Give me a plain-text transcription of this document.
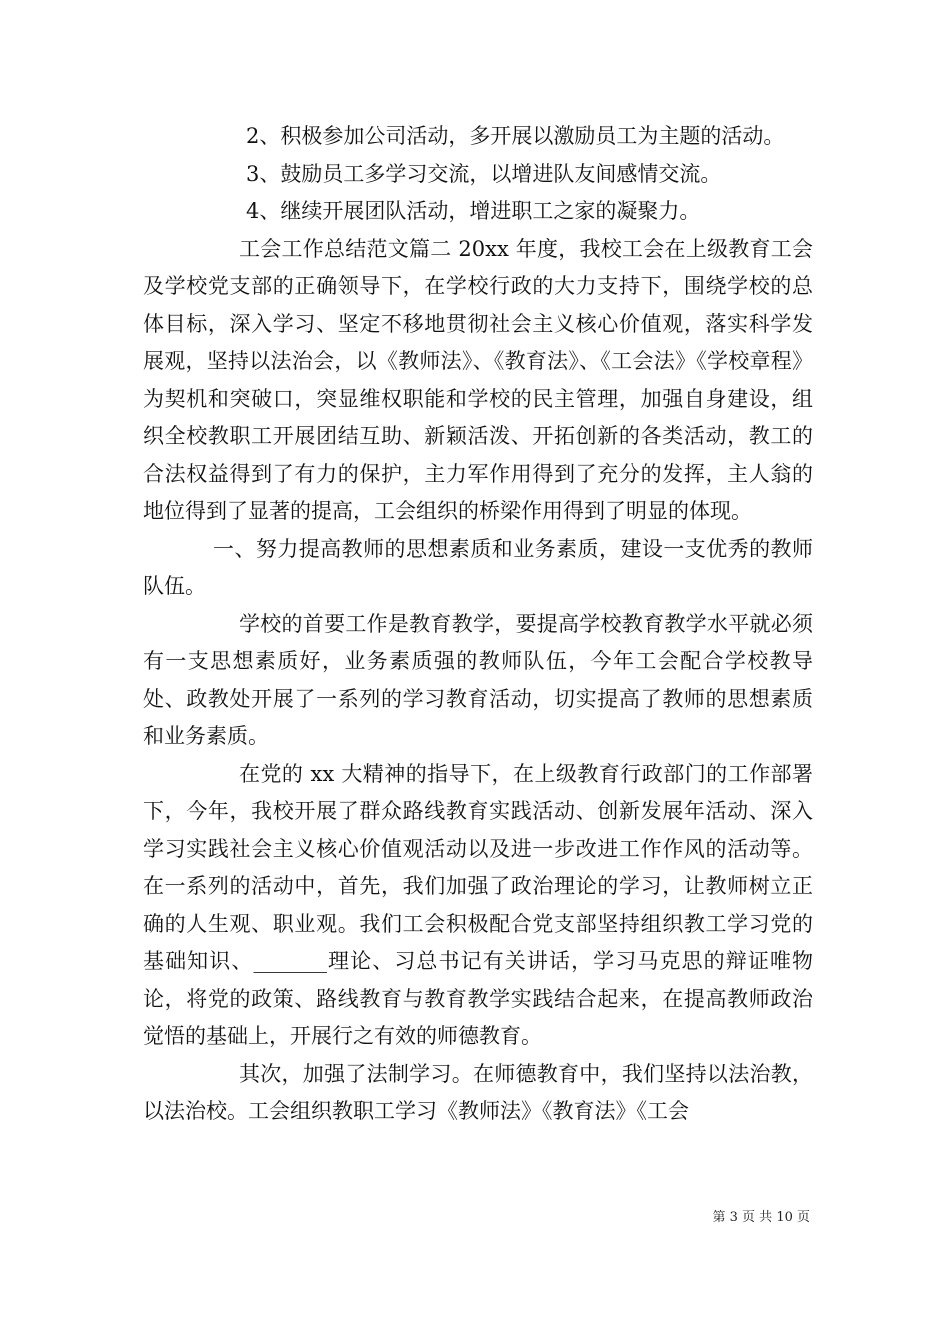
2、积极参加公司活动，多开展以激励员工为主题的活动。

3、鼓励员工多学习交流，以增进队友间感情交流。

4、继续开展团队活动，增进职工之家的凝聚力。

工会工作总结范文篇二 20xx 年度，我校工会在上级教育工会及学校党支部的正确领导下，在学校行政的大力支持下，围绕学校的总体目标，深入学习、坚定不移地贯彻社会主义核心价值观，落实科学发展观，坚持以法治会，以《教师法》、《教育法》、《工会法》《学校章程》为契机和突破口，突显维权职能和学校的民主管理，加强自身建设，组织全校教职工开展团结互助、新颖活泼、开拓创新的各类活动，教工的合法权益得到了有力的保护，主力军作用得到了充分的发挥，主人翁的地位得到了显著的提高，工会组织的桥梁作用得到了明显的体现。

一、努力提高教师的思想素质和业务素质，建设一支优秀的教师队伍。

学校的首要工作是教育教学，要提高学校教育教学水平就必须有一支思想素质好，业务素质强的教师队伍，今年工会配合学校教导处、政教处开展了一系列的学习教育活动，切实提高了教师的思想素质和业务素质。

在党的 xx 大精神的指导下，在上级教育行政部门的工作部署下，今年，我校开展了群众路线教育实践活动、创新发展年活动、深入学习实践社会主义核心价值观活动以及进一步改进工作作风的活动等。在一系列的活动中，首先，我们加强了政治理论的学习，让教师树立正确的人生观、职业观。我们工会积极配合党支部坚持组织教工学习党的基础知识、_______理论、习总书记有关讲话，学习马克思的辩证唯物论，将党的政策、路线教育与教育教学实践结合起来，在提高教师政治觉悟的基础上，开展行之有效的师德教育。

其次，加强了法制学习。在师德教育中，我们坚持以法治教，以法治校。工会组织教职工学习《教师法》《教育法》《工会

第 3 页 共 10 页
